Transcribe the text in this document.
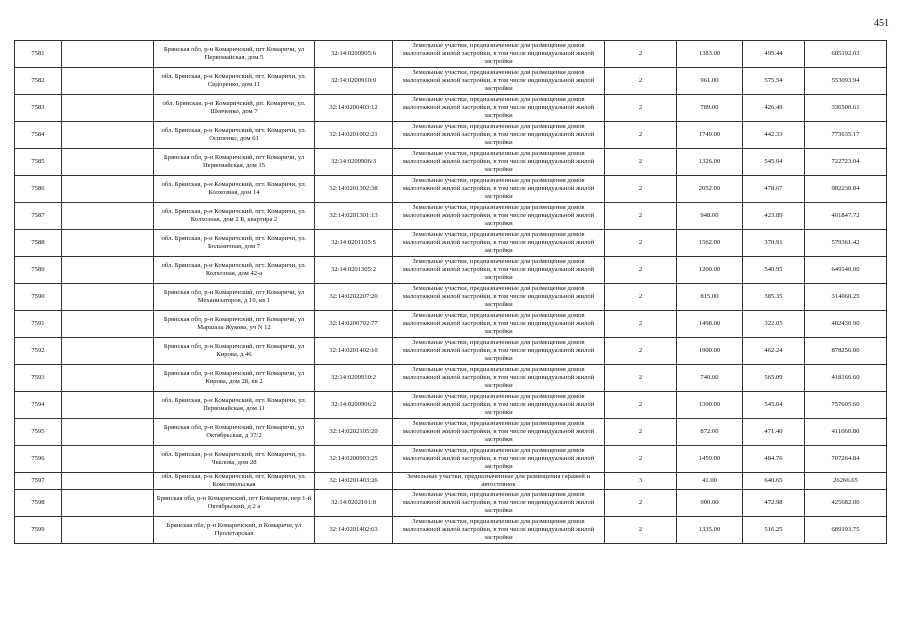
451
7581		Брянская обл, р-н Комаричский, пгт Комаричи, ул Первомайская, дом 5	32:14:0200905:6	Земельные участки, предназначенные для размещения домов малоэтажной жилой застройки, в том числе индивидуальной жилой застройки	2	1383.00	495.44	685192.03
7582		обл. Брянская, р-н Комаричский, пгт. Комаричи, ул. Сидоренко, дом 11	32:14:0200910:9	Земельные участки, предназначенные для размещения домов малоэтажной жилой застройки, в том числе индивидуальной жилой застройки	2	961.00	575.54	553093.94
7583		обл. Брянская, р-н Комаричский, рп. Комаричи, ул. Шевченко, дом 7	32:14:0200403:12	Земельные участки, предназначенные для размещения домов малоэтажной жилой застройки, в том числе индивидуальной жилой застройки	2	789.00	426.49	336500.61
7584		обл. Брянская, р-н Комаричский, пгт. Комаричи, ул. Осипенко, дом 61	32:14:0201002:21	Земельные участки, предназначенные для размещения домов малоэтажной жилой застройки, в том числе индивидуальной жилой застройки	2	1749.00	442.33	773635.17
7585		Брянская обл, р-н Комаричский, пгт Комаричи, ул Первомайская, дом 15	32:14:0200906:3	Земельные участки, предназначенные для размещения домов малоэтажной жилой застройки, в том числе индивидуальной жилой застройки	2	1326.00	545.04	722723.04
7586		обл. Брянская, р-н Комаричский, пгт. Комаричи, ул. Колхозная, дом 14	32:14:0201302:38	Земельные участки, предназначенные для размещения домов малоэтажной жилой застройки, в том числе индивидуальной жилой застройки	2	2052.00	478.67	982230.84
7587		обл. Брянская, р-н Комаричский, пгт. Комаричи, ул. Колхозная, дом 2 Б, квартира 2	32:14:0201301:13	Земельные участки, предназначенные для размещения домов малоэтажной жилой застройки, в том числе индивидуальной жилой застройки	2	948.00	423.89	401847.72
7588		обл. Брянская, р-н Комаричский, пгт. Комаричи, ул. Больничная, дом 7	32:14:0201105:5	Земельные участки, предназначенные для размещения домов малоэтажной жилой застройки, в том числе индивидуальной жилой застройки	2	1562.00	370.91	579361.42
7589		обл. Брянская, р-н Комаричский, пгт. Комаричи, ул. Колхозная, дом 42-а	32:14:0201305:2	Земельные участки, предназначенные для размещения домов малоэтажной жилой застройки, в том числе индивидуальной жилой застройки	2	1200.00	540.95	649140.00
7590		Брянская обл, р-н Комаричский, пгт Комаричи, ул Механизаторов, д 10, кв 1	32:14:0202207:20	Земельные участки, предназначенные для размещения домов малоэтажной жилой застройки, в том числе индивидуальной жилой застройки	2	815.00	385.35	314060.25
7591		Брянская обл, р-н Комаричский, пгт Комаричи, ул Маршала Жукова, уч N 12	32:14:0200702:77	Земельные участки, предназначенные для размещения домов малоэтажной жилой застройки, в том числе индивидуальной жилой застройки	2	1498.00	322.05	482430.90
7592		Брянская обл, р-н Комаричский, пгт Комаричи, ул Кирова, д 46	32:14:0201402:10	Земельные участки, предназначенные для размещения домов малоэтажной жилой застройки, в том числе индивидуальной жилой застройки	2	1900.00	462.24	878256.00
7593		Брянская обл, р-н Комаричский, пгт Комаричи, ул Кирова, дом 28, кв 2	32:14:0200910:2	Земельные участки, предназначенные для размещения домов малоэтажной жилой застройки, в том числе индивидуальной жилой застройки	2	740.00	565.09	418166.60
7594		обл. Брянская, р-н Комаричский, пгт. Комаричи, ул. Первомайская, дом 11	32:14:0200906:2	Земельные участки, предназначенные для размещения домов малоэтажной жилой застройки, в том числе индивидуальной жилой застройки	2	1390.00	545.04	757605.60
7595		Брянская обл, р-н Комаричский, пгт Комаричи, ул Октябрьская, д 37/2	32:14:0202105:20	Земельные участки, предназначенные для размещения домов малоэтажной жилой застройки, в том числе индивидуальной жилой застройки	2	872.00	471.40	411060.80
7596		обл. Брянская, р-н Комаричский, пгт. Комаричи, ул. Чкалова, дом 28	32:14:0200903:25	Земельные участки, предназначенные для размещения домов малоэтажной жилой застройки, в том числе индивидуальной жилой застройки	2	1459.00	484.76	707264.84
7597		обл. Брянская, р-н Комаричский, пгт. Комаричи, ул. Комсомольская	32:14:0201403:26	Земельные участки, предназначенные для размещения гаражей и автостоянок	3	41.00	640.65	26266.65
7598		Брянская обл, р-н Комаричский, пгт Комаричи, пер 1-й Октябрьский, д 2 а	32:14:0202101:8	Земельные участки, предназначенные для размещения домов малоэтажной жилой застройки, в том числе индивидуальной жилой застройки	2	900.00	472.98	425682.00
7599		Брянская обл, р-н Комаричский, п Комаричи, ул Пролетарская	32:14:0201402:63	Земельные участки, предназначенные для размещения домов малоэтажной жилой застройки, в том числе индивидуальной жилой застройки	2	1335.00	516.25	689193.75
